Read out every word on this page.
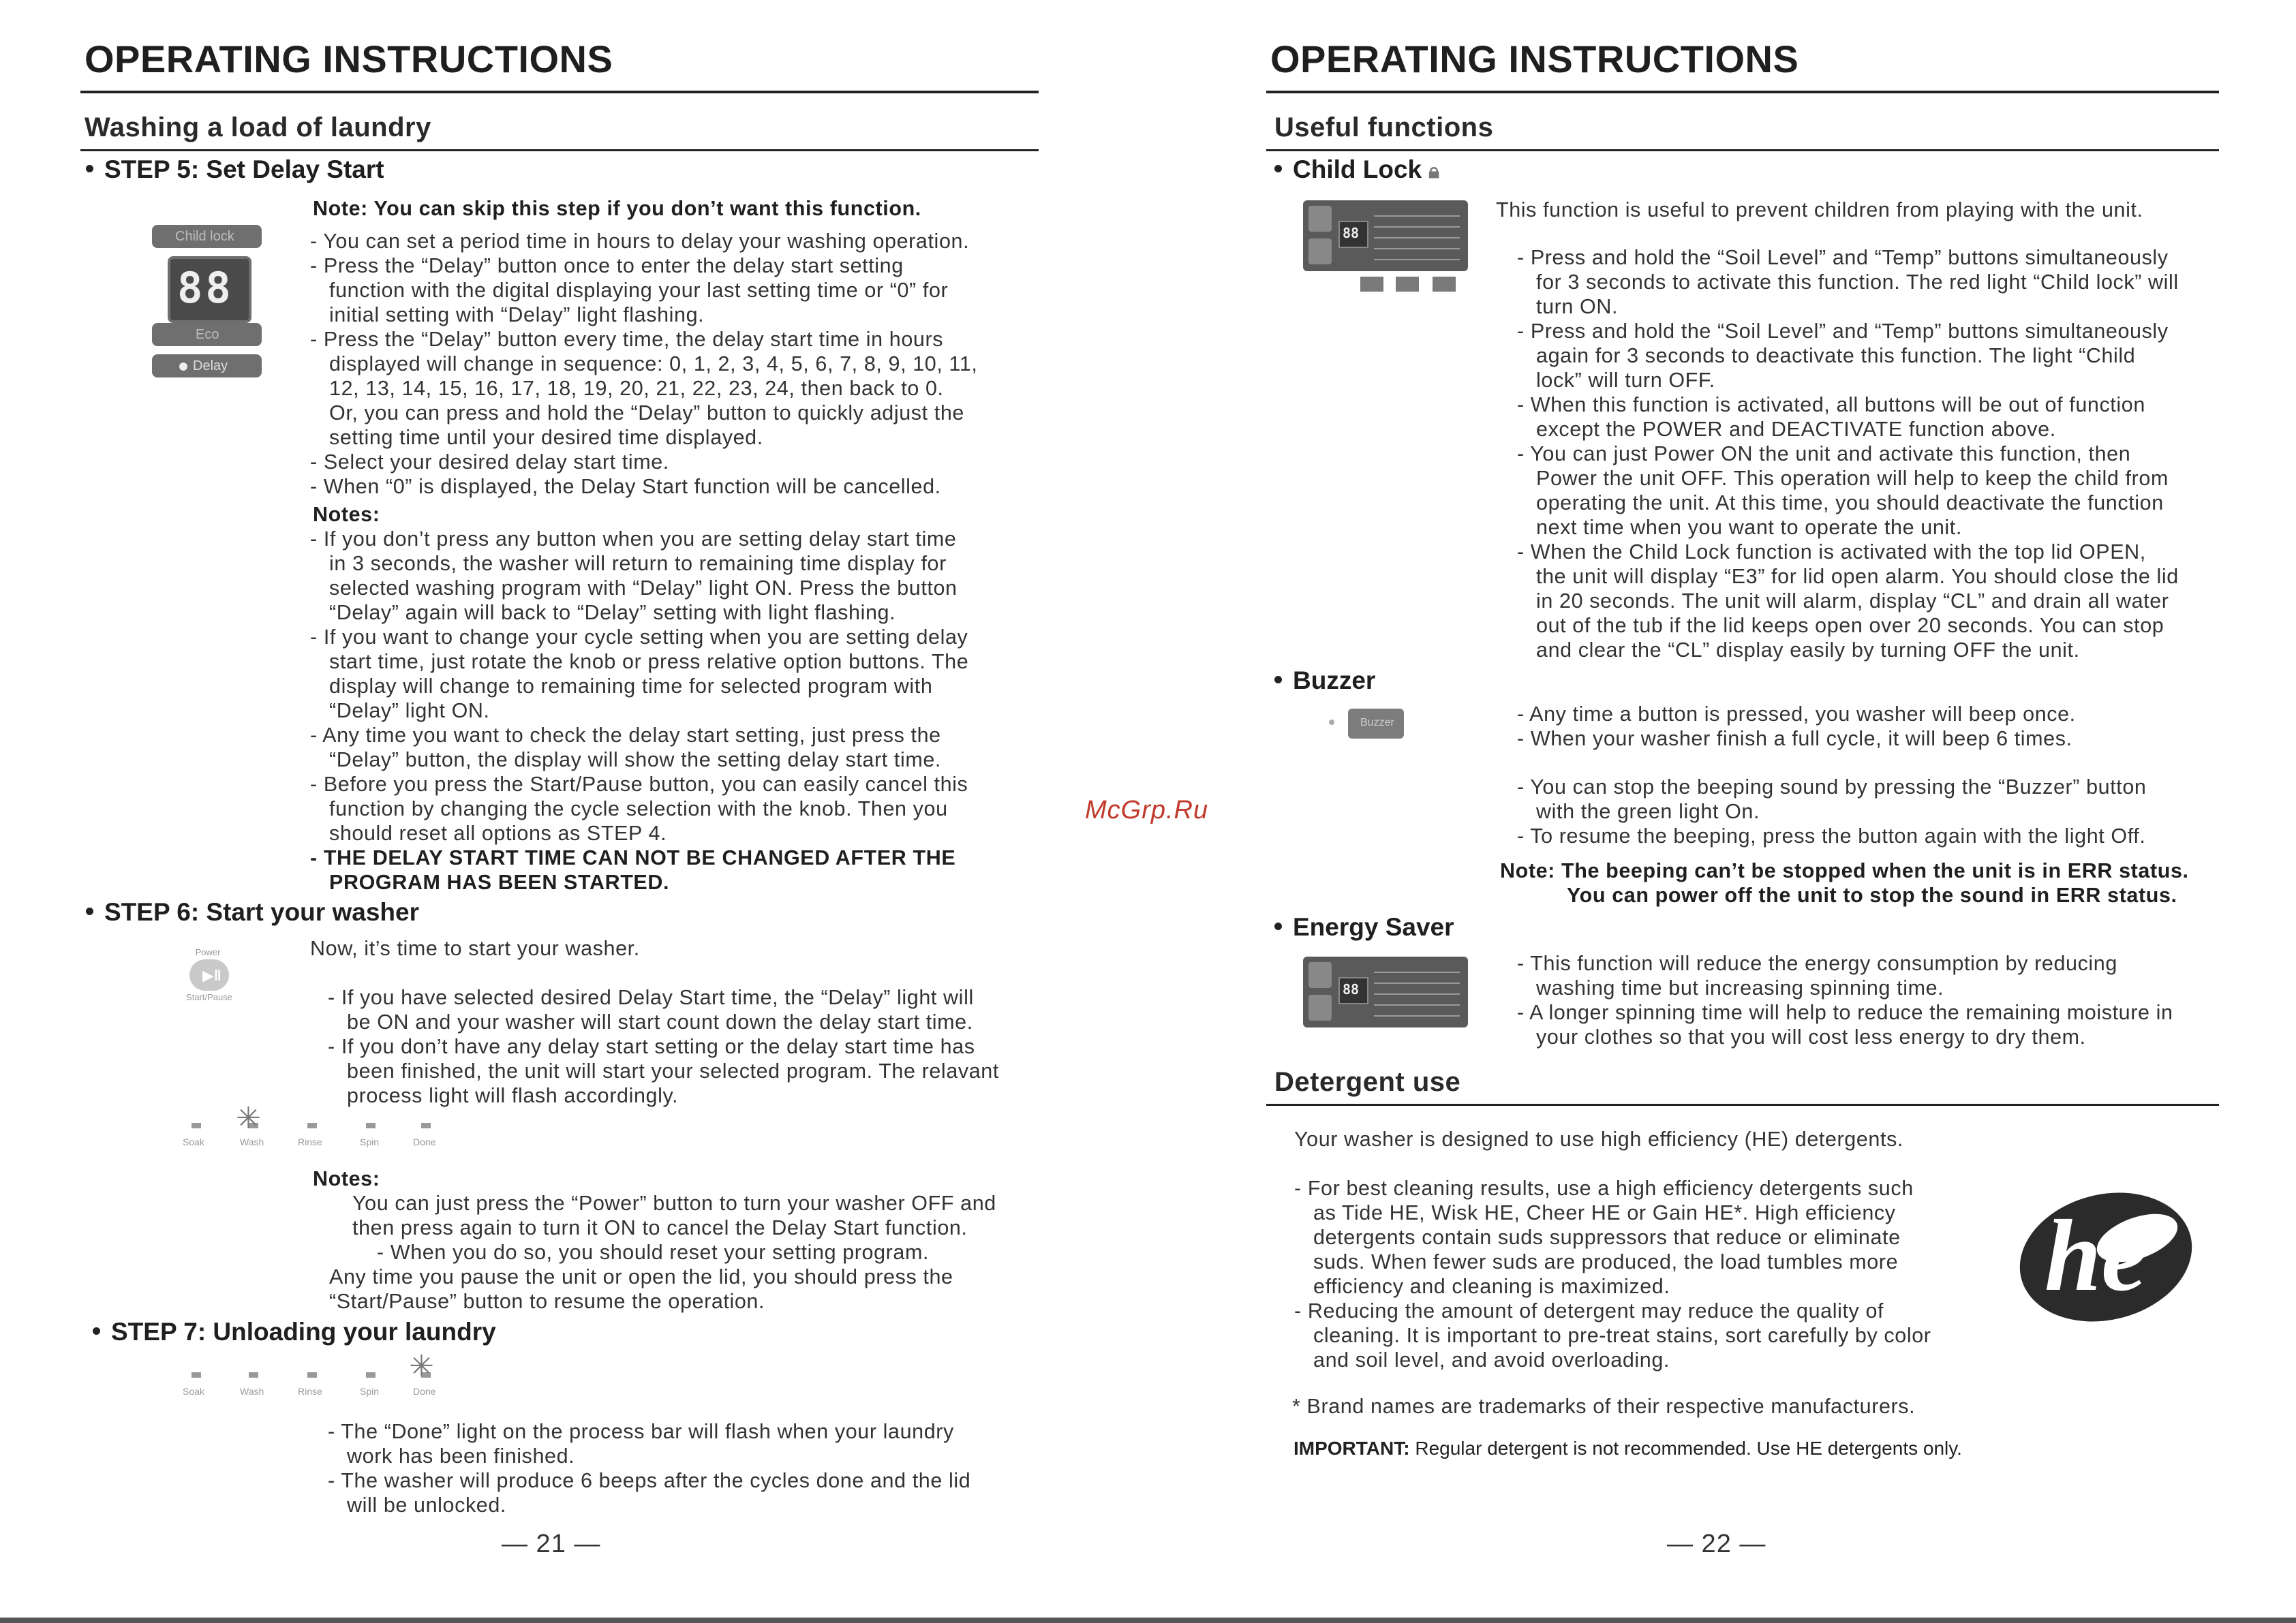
OPERATING INSTRUCTIONS
Washing a load of laundry
STEP 5: Set Delay Start
Note: You can skip this step if you don’t want this function.
Child lock
88
Eco
Delay
- You can set a period time in hours to delay your washing operation.
- Press the “Delay” button once to enter the delay start setting
function with the digital displaying your last setting time or “0” for
initial setting with “Delay” light flashing.
- Press the “Delay” button every time, the delay start time in hours
displayed will change in sequence: 0, 1, 2, 3, 4, 5, 6, 7, 8, 9, 10, 11,
12, 13, 14, 15, 16, 17, 18, 19, 20, 21, 22, 23, 24, then back to 0.
Or, you can press and hold the “Delay” button to quickly adjust the
setting time until your desired time displayed.
- Select your desired delay start time.
- When “0” is displayed, the Delay Start function will be cancelled.
Notes:
- If you don’t press any button when you are setting delay start time
in 3 seconds, the washer will return to remaining time display for
selected washing program with “Delay” light ON. Press the button
“Delay” again will back to “Delay” setting with light flashing.
- If you want to change your cycle setting when you are setting delay
start time, just rotate the knob or press relative option buttons. The
display will change to remaining time for selected program with
“Delay” light ON.
- Any time you want to check the delay start setting, just press the
“Delay” button, the display will show the setting delay start time.
- Before you press the Start/Pause button, you can easily cancel this
function by changing the cycle selection with the knob. Then you
should reset all options as STEP 4.
- THE DELAY START TIME CAN NOT BE CHANGED AFTER THE
PROGRAM HAS BEEN STARTED.
STEP 6: Start your washer
Power
▶‖
Start/Pause
Now, it’s time to start your washer.
- If you have selected desired Delay Start time, the “Delay” light will
be ON and your washer will start count down the delay start time.
- If you don’t have any delay start setting or the delay start time has
been finished, the unit will start your selected program. The relavant
process light will flash accordingly.
✳
Soak	Wash	Rinse	Spin	Done
Notes:
You can just press the “Power” button to turn your washer OFF and
then press again to turn it ON to cancel the Delay Start function.
- When you do so, you should reset your setting program.
Any time you pause the unit or open the lid, you should press the
“Start/Pause” button to resume the operation.
STEP 7: Unloading your laundry
✳
Soak	Wash	Rinse	Spin	Done
- The “Done” light on the process bar will flash when your laundry
work has been finished.
- The washer will produce 6 beeps after the cycles done and the lid
will be unlocked.
— 21 —
McGrp.Ru
OPERATING INSTRUCTIONS
Useful functions
Child Lock 🔒︎
88
This function is useful to prevent children from playing with the unit.
- Press and hold the “Soil Level” and “Temp” buttons simultaneously
for 3 seconds to activate this function. The red light “Child lock” will
turn ON.
- Press and hold the “Soil Level” and “Temp” buttons simultaneously
again for 3 seconds to deactivate this function. The light “Child
lock” will turn OFF.
- When this function is activated, all buttons will be out of function
except the POWER and DEACTIVATE function above.
- You can just Power ON the unit and activate this function, then
Power the unit OFF. This operation will help to keep the child from
operating the unit. At this time, you should deactivate the function
next time when you want to operate the unit.
- When the Child Lock function is activated with the top lid OPEN,
the unit will display “E3” for lid open alarm. You should close the lid
in 20 seconds. The unit will alarm, display “CL” and drain all water
out of the tub if the lid keeps open over 20 seconds. You can stop
and clear the “CL” display easily by turning OFF the unit.
Buzzer
Buzzer	- Any time a button is pressed, you washer will beep once.
- When your washer finish a full cycle, it will beep 6 times.
- You can stop the beeping sound by pressing the “Buzzer” button
with the green light On.
- To resume the beeping, press the button again with the light Off.
Note: The beeping can’t be stopped when the unit is in ERR status.
You can power off the unit to stop the sound in ERR status.
Energy Saver
88
- This function will reduce the energy consumption by reducing
washing time but increasing spinning time.
- A longer spinning time will help to reduce the remaining moisture in
your clothes so that you will cost less energy to dry them.
Detergent use
Your washer is designed to use high efficiency (HE) detergents.
- For best cleaning results, use a high efficiency detergents such
as Tide HE, Wisk HE, Cheer HE or Gain HE*. High efficiency
detergents contain suds suppressors that reduce or eliminate
suds. When fewer suds are produced, the load tumbles more
efficiency and cleaning is maximized.
- Reducing the amount of detergent may reduce the quality of
cleaning. It is important to pre-treat stains, sort carefully by color
and soil level, and avoid overloading.
he
* Brand names are trademarks of their respective manufacturers.
IMPORTANT: Regular detergent is not recommended. Use HE detergents only.
— 22 —
